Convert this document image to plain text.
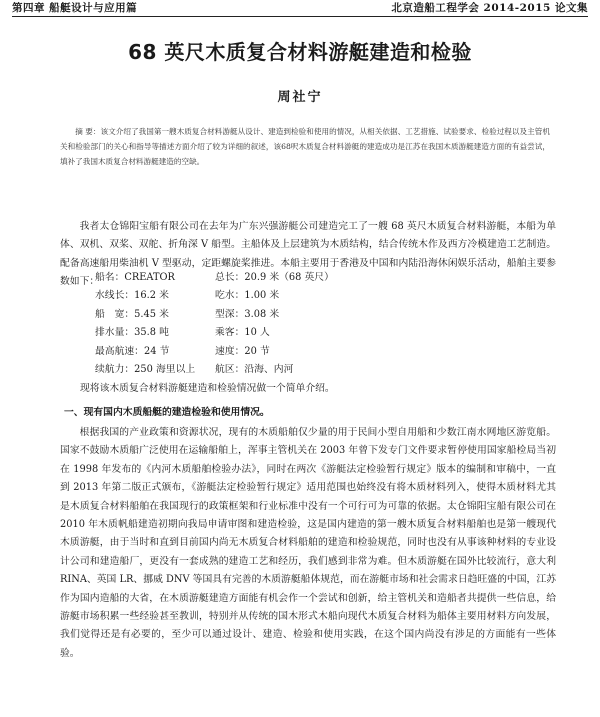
第四章 船艇设计与应用篇	北京造船工程学会 2014-2015 论文集
68 英尺木质复合材料游艇建造和检验
周社宁

摘 要：该文介绍了我国第一艘木质复合材料游艇从设计、建造到检验和使用的情况，从相关依据、工艺措施、试验要求、检验过程以及主管机关和检验部门的关心和指导等描述方面介绍了较为详细的叙述，该68呎木质复合材料游艇的建造成功是江苏在我国木质游艇建造方面的有益尝试，填补了我国木质复合材料游艇建造的空缺。

我者太仓锦阳宝船有限公司在去年为广东兴强游艇公司建造完工了一艘 68 英尺木质复合材料游艇，本船为单体、双机、双桨、双舵、折角深 V 船型。主船体及上层建筑为木质结构，结合传统木作及西方冷模建造工艺制造。配备高速船用柴油机 V 型驱动，定距螺旋桨推进。本船主要用于香港及中国和内陆沿海休闲娱乐活动，船舶主要参数如下：

船名：CREATOR	总长：20.9 米（68 英尺）
水线长：16.2 米	吃水：1.00 米
船　宽：5.45 米	型深：3.08 米
排水量：35.8 吨	乘客：10 人
最高航速：24 节	速度：20 节
续航力：250 海里以上	航区：沿海、内河

现将该木质复合材料游艇建造和检验情况做一个简单介绍。

一、现有国内木质船艇的建造检验和使用情况。

根据我国的产业政策和资源状况，现有的木质船舶仅少量的用于民间小型自用船和少数江南水网地区游览船。国家不鼓励木质船广泛使用在运输船舶上，浑事主管机关在 2003 年曾下发专门文件要求暂停使用国家船检局当初在 1998 年发布的《内河木质船舶检验办法》，同时在两次《游艇法定检验暂行规定》版本的编制和审稿中，一直到 2013 年第二版正式颁布，《游艇法定检验暂行规定》适用范围也始终没有将木质材料列入，使得木质材料尤其是木质复合材料船舶在我国现行的政策框架和行业标准中没有一个可行可为可靠的依据。太仓锦阳宝船有限公司在 2010 年木质帆船建造初期向我局申请审图和建造检验，这是国内建造的第一艘木质复合材料船舶也是第一艘现代木质游艇，由于当时和直到目前国内尚无木质复合材料船舶的建造和检验规范，同时也没有从事该种材料的专业设计公司和建造船厂，更没有一套成熟的建造工艺和经历，我们感到非常为难。但木质游艇在国外比较流行，意大利 RINA、英国 LR、挪威 DNV 等国具有完善的木质游艇船体规范，而在游艇市场和社会需求日趋旺盛的中国，江苏作为国内造船的大省，在木质游艇建造方面能有机会作一个尝试和创新，给主管机关和造船者共提供一些信息，给游艇市场积累一些经验甚至教训，特别并从传统的国木形式木船向现代木质复合材料为船体主要用材料方向发展，我们觉得还是有必要的，至少可以通过设计、建造、检验和使用实践，在这个国内尚没有涉足的方面能有一些体验。
